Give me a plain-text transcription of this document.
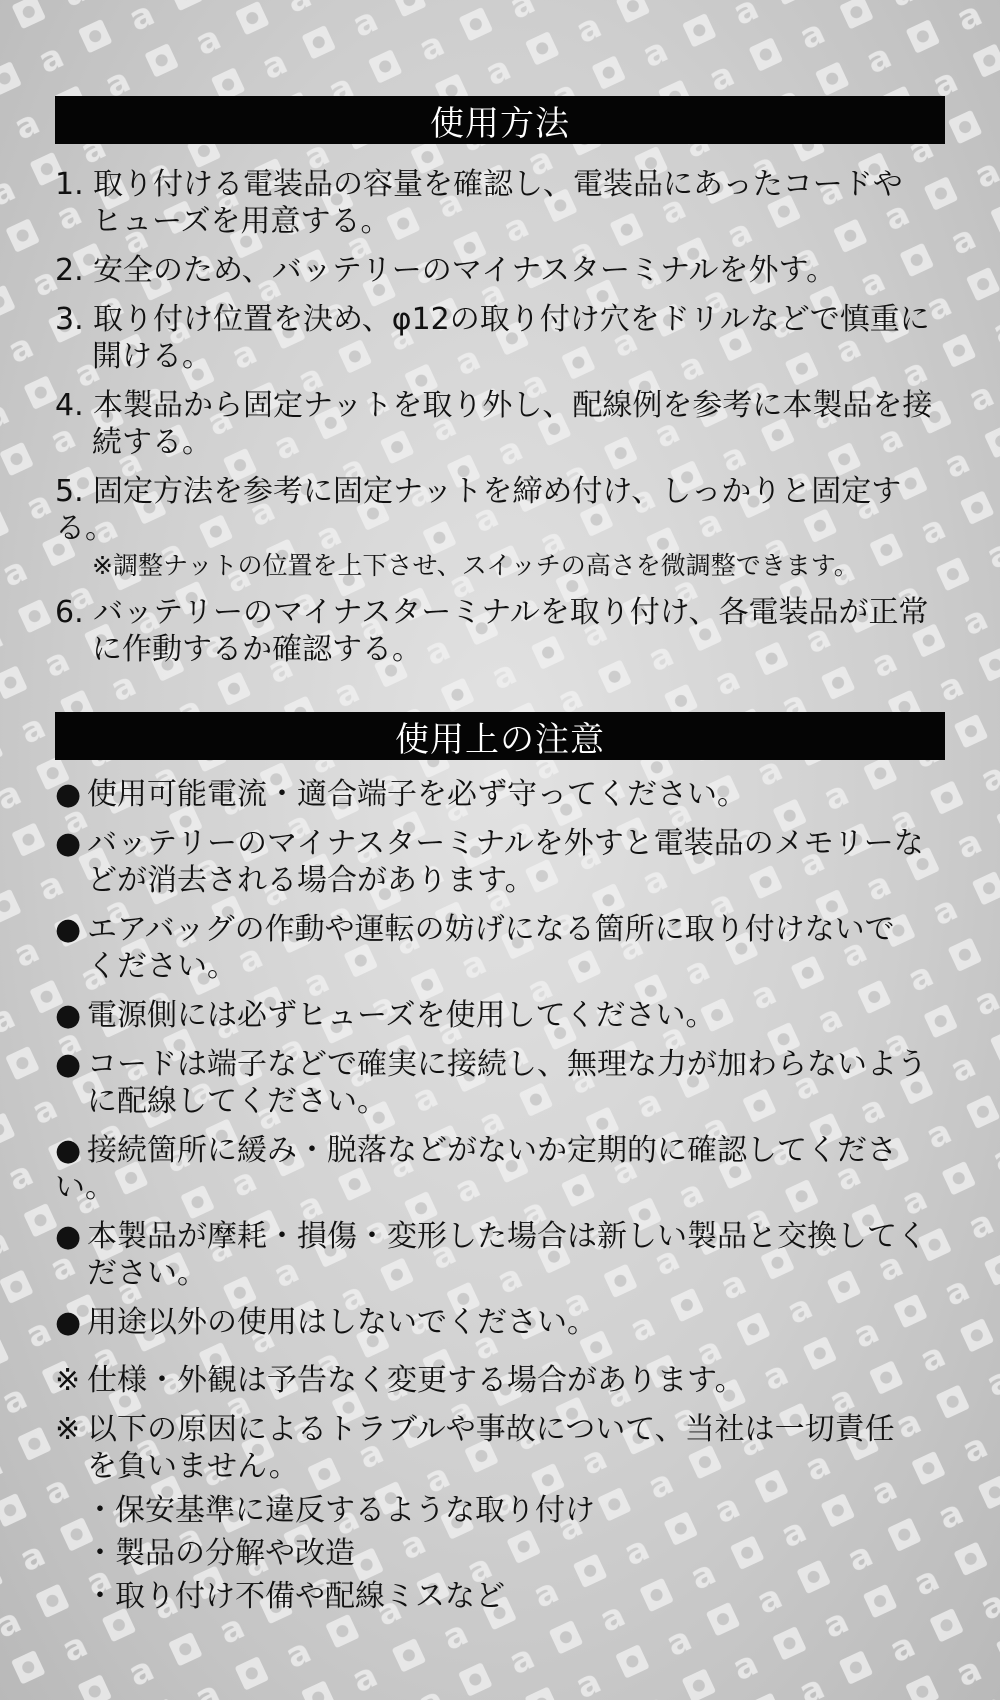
使用方法
1. 取り付ける電装品の容量を確認し、電装品にあったコードや
ヒューズを用意する。
2. 安全のため、バッテリーのマイナスターミナルを外す。
3. 取り付け位置を決め、φ12の取り付け穴をドリルなどで慎重に
開ける。
4. 本製品から固定ナットを取り外し、配線例を参考に本製品を接
続する。
5. 固定方法を参考に固定ナットを締め付け、しっかりと固定する。
※調整ナットの位置を上下させ、スイッチの高さを微調整できます。
6. バッテリーのマイナスターミナルを取り付け、各電装品が正常
に作動するか確認する。
使用上の注意
● 使用可能電流・適合端子を必ず守ってください。
● バッテリーのマイナスターミナルを外すと電装品のメモリーな
どが消去される場合があります。
● エアバッグの作動や運転の妨げになる箇所に取り付けないで
ください。
● 電源側には必ずヒューズを使用してください。
● コードは端子などで確実に接続し、無理な力が加わらないよう
に配線してください。
● 接続箇所に緩み・脱落などがないか定期的に確認してください。
● 本製品が摩耗・損傷・変形した場合は新しい製品と交換してく
ださい。
● 用途以外の使用はしないでください。
※ 仕様・外観は予告なく変更する場合があります。
※ 以下の原因によるトラブルや事故について、当社は一切責任
を負いません。
・保安基準に違反するような取り付け
・製品の分解や改造
・取り付け不備や配線ミスなど
